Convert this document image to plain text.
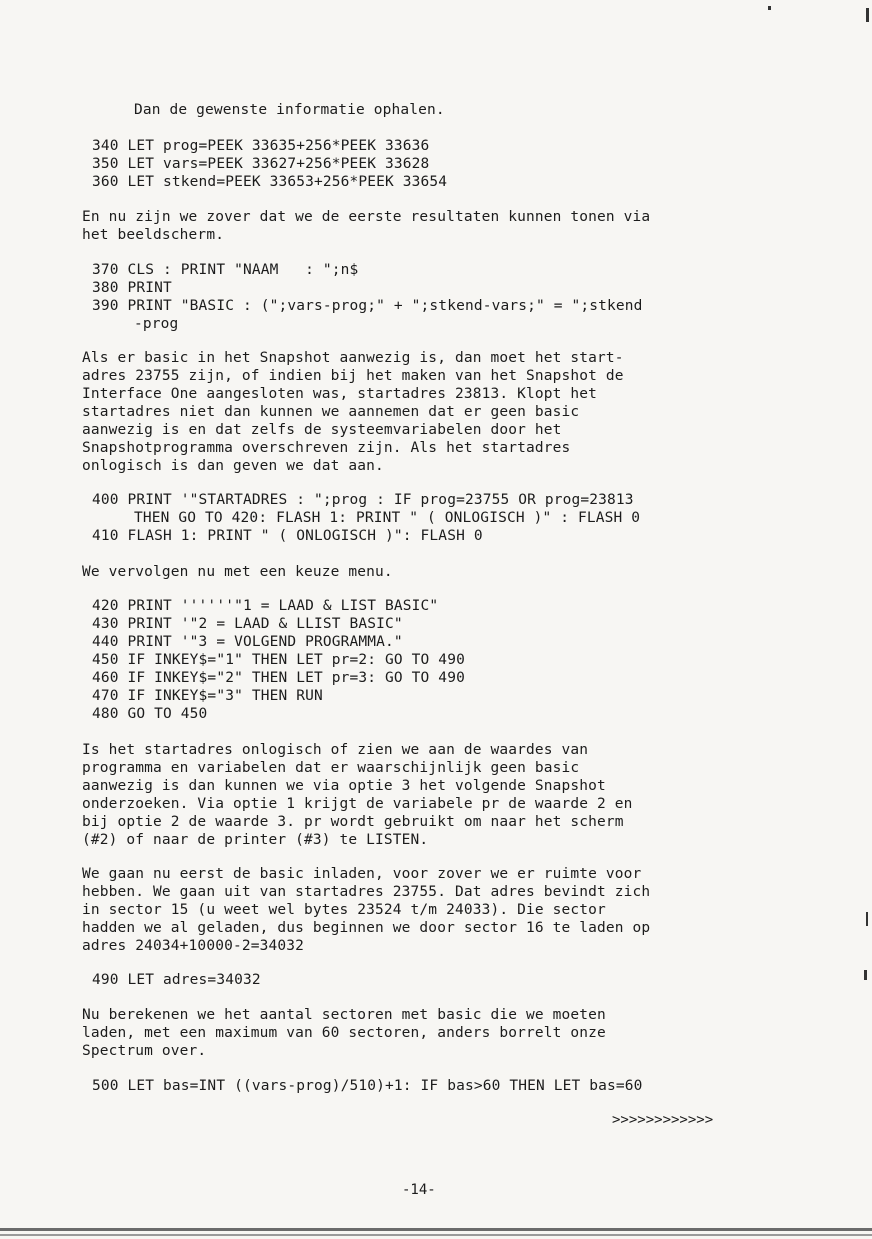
Dan de gewenste informatie ophalen.
340 LET prog=PEEK 33635+256*PEEK 33636
350 LET vars=PEEK 33627+256*PEEK 33628
360 LET stkend=PEEK 33653+256*PEEK 33654
En nu zijn we zover dat we de eerste resultaten kunnen tonen via
het beeldscherm.
370 CLS : PRINT "NAAM   : ";n$
380 PRINT
390 PRINT "BASIC : (";vars-prog;" + ";stkend-vars;" = ";stkend
-prog
Als er basic in het Snapshot aanwezig is, dan moet het start-
adres 23755 zijn, of indien bij het maken van het Snapshot de
Interface One aangesloten was, startadres 23813. Klopt het
startadres niet dan kunnen we aannemen dat er geen basic
aanwezig is en dat zelfs de systeemvariabelen door het
Snapshotprogramma overschreven zijn. Als het startadres
onlogisch is dan geven we dat aan.
400 PRINT '"STARTADRES : ";prog : IF prog=23755 OR prog=23813
THEN GO TO 420: FLASH 1: PRINT " ( ONLOGISCH )" : FLASH 0
410 FLASH 1: PRINT " ( ONLOGISCH )": FLASH 0
We vervolgen nu met een keuze menu.
420 PRINT ''''''"1 = LAAD & LIST BASIC"
430 PRINT '"2 = LAAD & LLIST BASIC"
440 PRINT '"3 = VOLGEND PROGRAMMA."
450 IF INKEY$="1" THEN LET pr=2: GO TO 490
460 IF INKEY$="2" THEN LET pr=3: GO TO 490
470 IF INKEY$="3" THEN RUN
480 GO TO 450
Is het startadres onlogisch of zien we aan de waardes van
programma en variabelen dat er waarschijnlijk geen basic
aanwezig is dan kunnen we via optie 3 het volgende Snapshot
onderzoeken. Via optie 1 krijgt de variabele pr de waarde 2 en
bij optie 2 de waarde 3. pr wordt gebruikt om naar het scherm
(#2) of naar de printer (#3) te LISTEN.
We gaan nu eerst de basic inladen, voor zover we er ruimte voor
hebben. We gaan uit van startadres 23755. Dat adres bevindt zich
in sector 15 (u weet wel bytes 23524 t/m 24033). Die sector
hadden we al geladen, dus beginnen we door sector 16 te laden op
adres 24034+10000-2=34032
490 LET adres=34032
Nu berekenen we het aantal sectoren met basic die we moeten
laden, met een maximum van 60 sectoren, anders borrelt onze
Spectrum over.
500 LET bas=INT ((vars-prog)/510)+1: IF bas>60 THEN LET bas=60
>>>>>>>>>>>>
-14-
